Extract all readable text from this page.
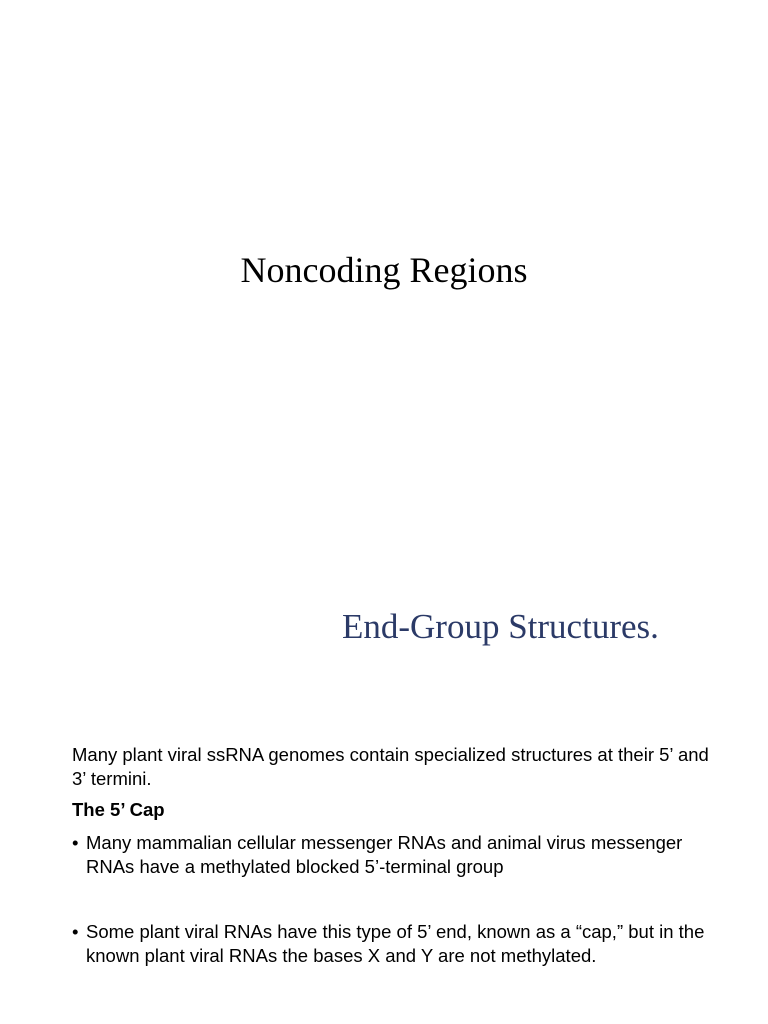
Noncoding Regions
End-Group Structures.

Many plant viral ssRNA genomes contain specialized structures at their 5’ and 3’ termini.

The 5’ Cap

• Many mammalian cellular messenger RNAs and animal virus messenger RNAs have a methylated blocked 5’-terminal group
• Some plant viral RNAs have this type of 5’ end, known as a “cap,” but in the known plant viral RNAs the bases X and Y are not methylated.
